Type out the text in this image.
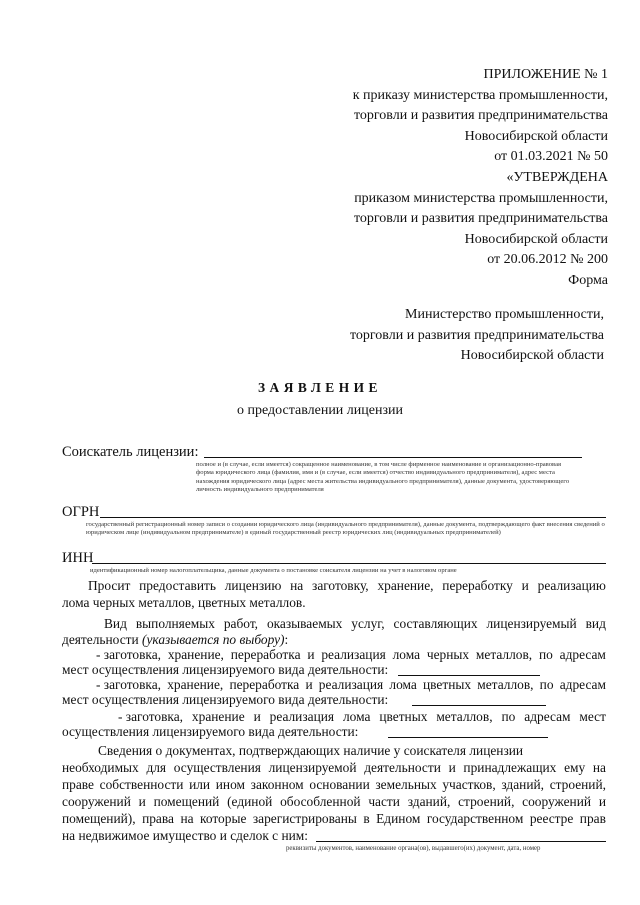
ПРИЛОЖЕНИЕ № 1
к приказу министерства промышленности,
торговли и развития предпринимательства
Новосибирской области
от 01.03.2021 № 50
«УТВЕРЖДЕНА
приказом министерства промышленности,
торговли и развития предпринимательства
Новосибирской области
от 20.06.2012 № 200
Форма
Министерство промышленности,
торговли и развития предпринимательства
Новосибирской области
ЗАЯВЛЕНИЕ
о предоставлении лицензии
Соискатель лицензии:
полное и (в случае, если имеется) сокращенное наименование, в том числе фирменное наименование и организационно-правовая форма юридического лица (фамилия, имя и (в случае, если имеется) отчество индивидуального предпринимателя), адрес места нахождения юридического лица (адрес места жительства индивидуального предпринимателя), данные документа, удостоверяющего личность индивидуального предпринимателя
ОГРН
государственный регистрационный номер записи о создании юридического лица (индивидуального предпринимателя), данные документа, подтверждающего факт внесения сведений о юридическом лице (индивидуальном предпринимателе) в единый государственный реестр юридических лиц (индивидуальных предпринимателей)
ИНН
идентификационный номер налогоплательщика, данные документа о постановке соискателя лицензии на учет в налоговом органе
Просит предоставить лицензию на заготовку, хранение, переработку и реализацию
лома черных металлов, цветных металлов.
Вид выполняемых работ, оказываемых услуг, составляющих лицензируемый вид
деятельности (указывается по выбору):
- заготовка, хранение, переработка и реализация лома черных металлов, по адресам
мест осуществления лицензируемого вида деятельности:
- заготовка, хранение, переработка и реализация лома цветных металлов, по адресам
мест осуществления лицензируемого вида деятельности:
- заготовка, хранение и реализация лома цветных металлов, по адресам мест
осуществления лицензируемого вида деятельности:
Сведения о документах, подтверждающих наличие у соискателя лицензии
необходимых для осуществления лицензируемой деятельности и принадлежащих ему на
праве собственности или ином законном основании земельных участков, зданий, строений,
сооружений и помещений (единой обособленной части зданий, строений, сооружений и
помещений), права на которые зарегистрированы в Едином государственном реестре прав
на недвижимое имущество и сделок с ним:
реквизиты документов, наименование органа(ов), выдавшего(их) документ, дата, номер
